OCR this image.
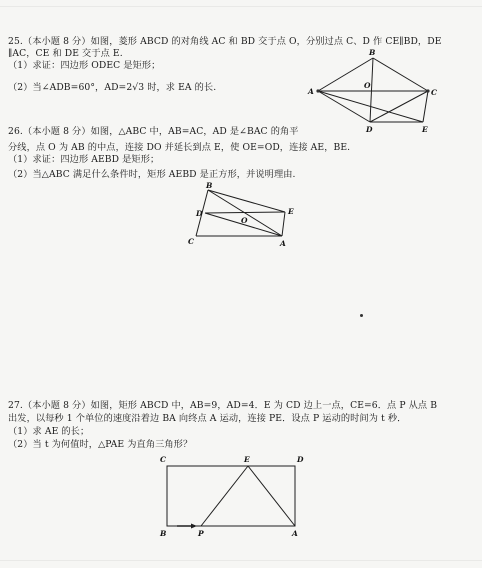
25.（本小题 8 分）如图，菱形 ABCD 的对角线 AC 和 BD 交于点 O，分别过点 C、D 作 CE∥BD，DE
∥AC，CE 和 DE 交于点 E.
（1）求证：四边形 ODEC 是矩形；
（2）当∠ADB=60°，AD=2√3 时，求 EA 的长.
B
A
O
C
D	E
26.（本小题 8 分）如图，△ABC 中，AB=AC，AD 是∠BAC 的角平
分线，点 O 为 AB 的中点，连接 DO 并延长到点 E，使 OE=OD，连接 AE，BE.
（1）求证：四边形 AEBD 是矩形；
（2）当△ABC 满足什么条件时，矩形 AEBD 是正方形，并说明理由.
B
D
O
E
C	A
27.（本小题 8 分）如图，矩形 ABCD 中，AB=9，AD=4．E 为 CD 边上一点，CE=6．点 P 从点 B
出发，以每秒 1 个单位的速度沿着边 BA 向终点 A 运动，连接 PE．设点 P 运动的时间为 t 秒．
（1）求 AE 的长；
（2）当 t 为何值时，△PAE 为直角三角形？
C	E	D
B	P	A
